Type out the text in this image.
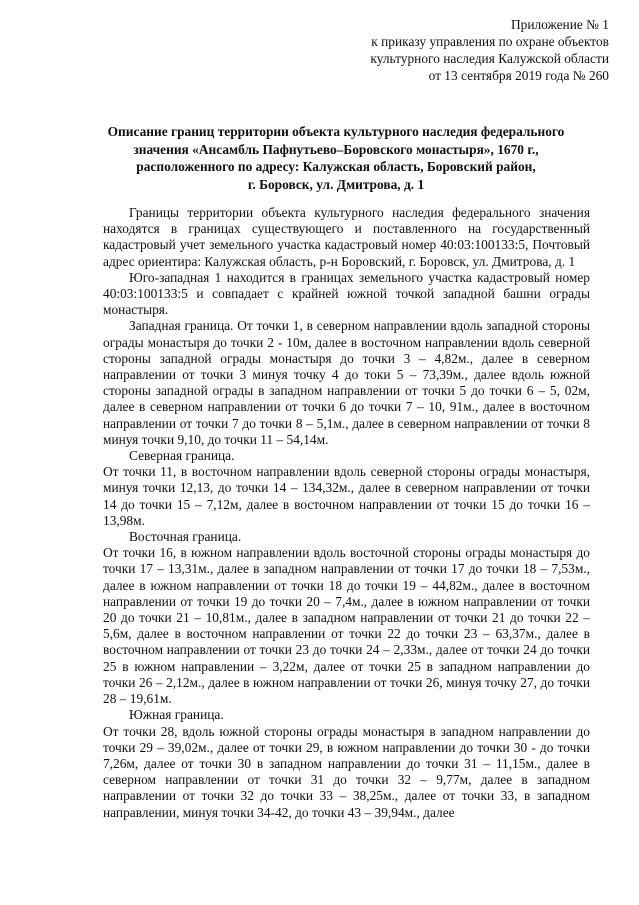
Приложение № 1
к приказу управления по охране объектов
культурного наследия Калужской области
от 13 сентября 2019 года № 260
Описание границ территории объекта культурного наследия федерального
значения «Ансамбль Пафнутьево–Боровского монастыря», 1670 г.,
расположенного по адресу: Калужская область, Боровский район,
г. Боровск, ул. Дмитрова, д. 1

Границы территории объекта культурного наследия федерального значения находятся в границах существующего и поставленного на государственный кадастровый учет земельного участка кадастровый номер 40:03:100133:5, Почтовый адрес ориентира: Калужская область, р-н Боровский, г. Боровск, ул. Дмитрова, д. 1

Юго-западная 1 находится в границах земельного участка кадастровый номер 40:03:100133:5 и совпадает с крайней южной точкой западной башни ограды монастыря.

Западная граница. От точки 1, в северном направлении вдоль западной стороны ограды монастыря до точки 2 - 10м, далее в восточном направлении вдоль северной стороны западной ограды монастыря до точки 3 – 4,82м., далее в северном направлении от точки 3 минуя точку 4 до токи 5 – 73,39м., далее вдоль южной стороны западной ограды в западном направлении от точки 5 до точки 6 – 5, 02м, далее в северном направлении от точки 6 до точки 7 – 10, 91м., далее в восточном направлении от точки 7 до точки 8 – 5,1м., далее в северном направлении от точки 8 минуя точки 9,10, до точки 11 – 54,14м.

Северная граница.

От точки 11, в восточном направлении вдоль северной стороны ограды монастыря, минуя точки 12,13, до точки 14 – 134,32м., далее в северном направлении от точки 14 до точки 15 – 7,12м, далее в восточном направлении от точки 15 до точки 16 – 13,98м.

Восточная граница.

От точки 16, в южном направлении вдоль восточной стороны ограды монастыря до точки 17 – 13,31м., далее в западном направлении от точки 17 до точки 18 – 7,53м., далее в южном направлении от точки 18 до точки 19 – 44,82м., далее в восточном направлении от точки 19 до точки 20 – 7,4м., далее в южном направлении от точки 20 до точки 21 – 10,81м., далее в западном направлении от точки 21 до точки 22 – 5,6м, далее в восточном направлении от точки 22 до точки 23 – 63,37м., далее в восточном направлении от точки 23 до точки 24 – 2,33м., далее от точки 24 до точки 25 в южном направлении – 3,22м, далее от точки 25 в западном направлении до точки 26 – 2,12м., далее в южном направлении от точки 26, минуя точку 27, до точки 28 – 19,61м.

Южная граница.

От точки 28, вдоль южной стороны ограды монастыря в западном направлении до точки 29 – 39,02м., далее от точки 29, в южном направлении до точки 30 - до точки 7,26м, далее от точки 30 в западном направлении до точки 31 – 11,15м., далее в северном направлении от точки 31 до точки 32 – 9,77м, далее в западном направлении от точки 32 до точки 33 – 38,25м., далее от точки 33, в западном направлении, минуя точки 34-42, до точки 43 – 39,94м., далее
